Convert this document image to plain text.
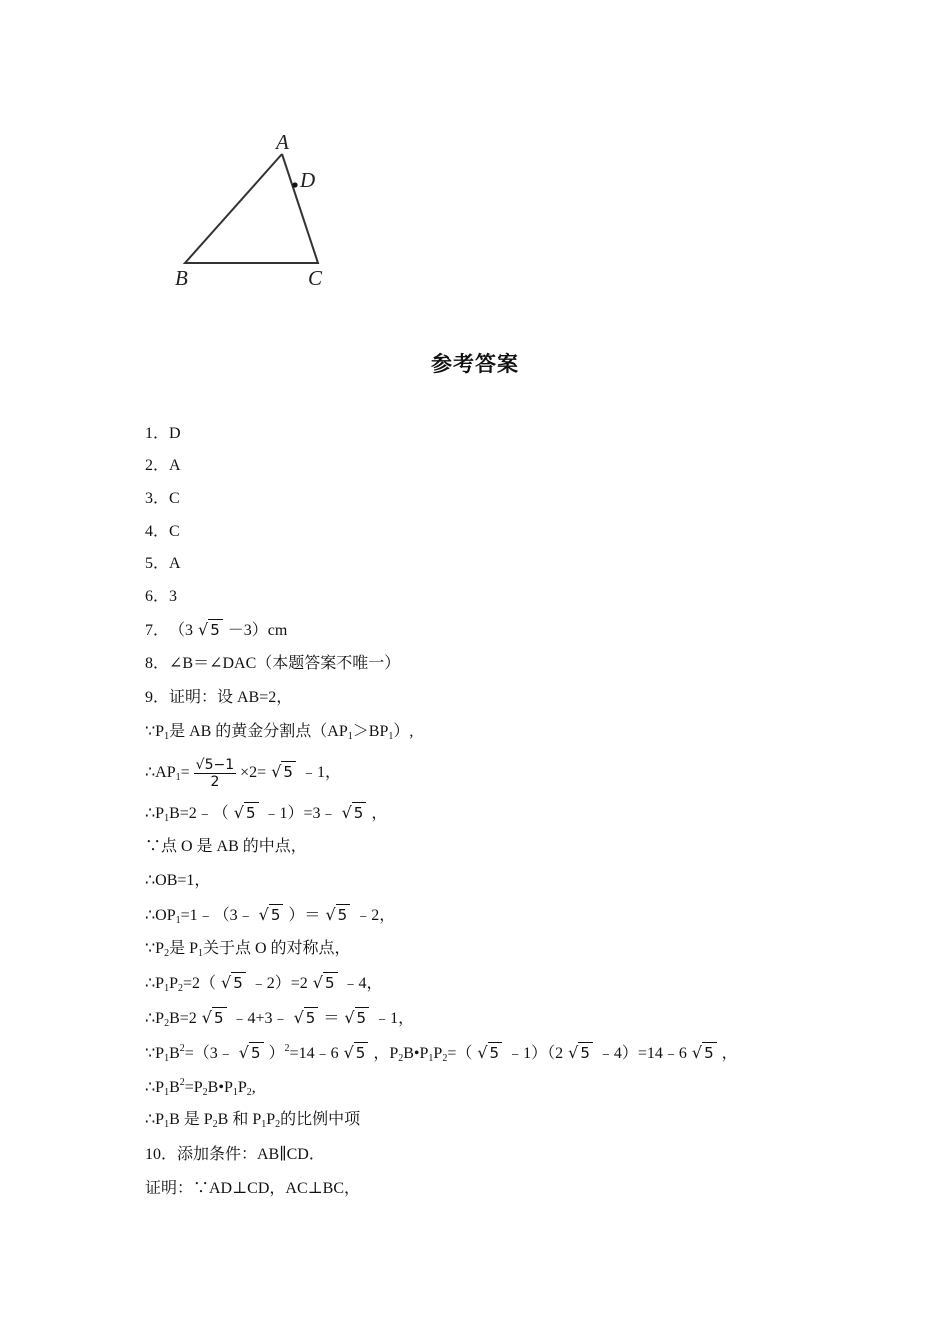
A
D
B	C
参考答案
1．D
2．A
3．C
4．C
5．A
6．3
7．（3 √ 5 －3）cm
8．∠B＝∠DAC（本题答案不唯一）
9．证明：设 AB=2，
$\because P_1$是 AB 的黄金分割点$(AP_1>BP_1)$,
$\therefore AP_1= \frac{√5-1}{2} \times 2=$ √ 5 ﹣1，
$\therefore P_1B=2﹣$（ √ 5 ﹣1）=3﹣ √ 5 ，
∵点 O 是 AB 的中点，
∴OB=1，
$\therefore OP_1=1﹣(3﹣$ √ 5 ）＝ √ 5 ﹣2，
$\because P_2$是 $P_1$关于点 O 的对称点，
$\therefore P_1P_2=2$（ √ 5 ﹣2）=2 √ 5 ﹣4，
$\therefore P_2B=2$ √ 5 ﹣4+3﹣ √ 5 ＝ √ 5 ﹣1，
$\because P_1B^2=(3﹣$ √ 5 ）$^2$=14﹣6 √ 5 ，$P_2B•P_1P_2=$（ √ 5 ﹣1）（2 √ 5 ﹣4）=14﹣6 √ 5 ，
$\therefore P_1B^2=P_2B•P_1P_2$,
$\therefore P_1B$ 是 $P_2B$ 和 $P_1P_2$的比例中项
10．添加条件：AB∥CD．
证明：∵AD⊥CD，AC⊥BC，
